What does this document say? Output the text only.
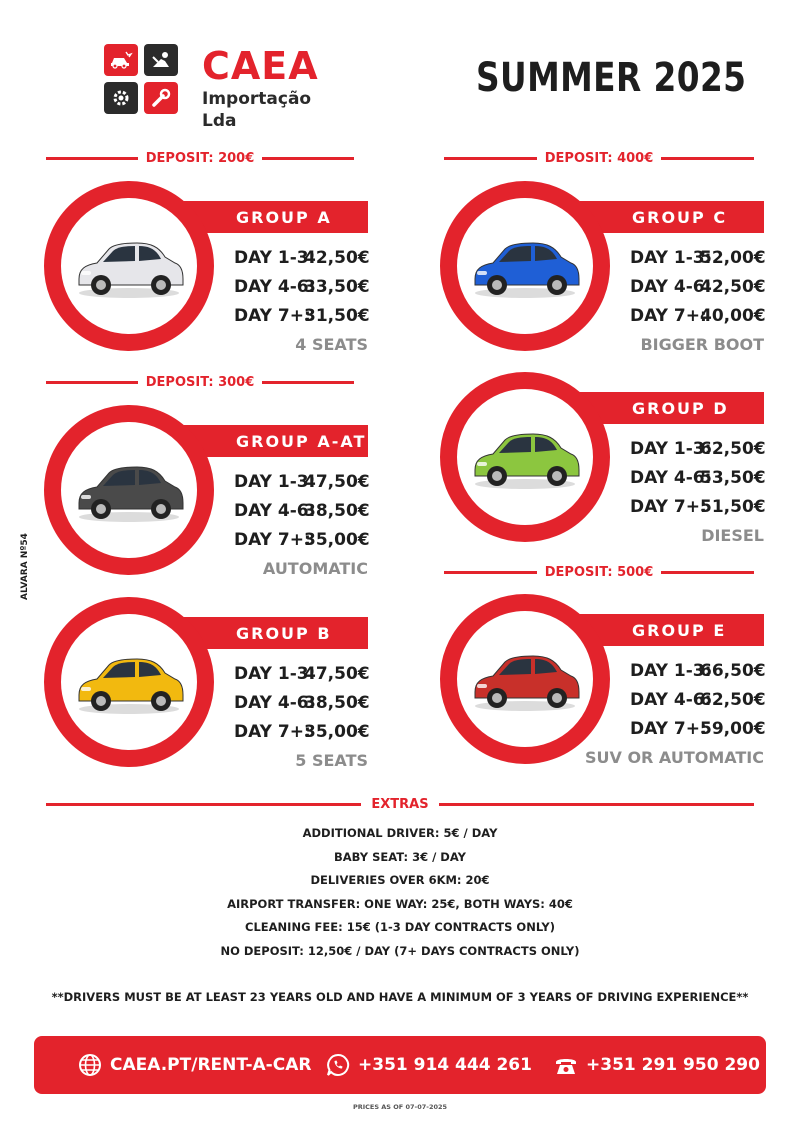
CAEA
Importação Lda
SUMMER 2025
DEPOSIT: 200€	DEPOSIT: 400€
DEPOSIT: 300€
DEPOSIT: 500€
GROUP A
DAY 1-3:42,50€
DAY 4-6:33,50€
DAY 7+:31,50€
4 SEATS
GROUP A-AT
DAY 1-3:47,50€
DAY 4-6:38,50€
DAY 7+:35,00€
AUTOMATIC
GROUP B
DAY 1-3:47,50€
DAY 4-6:38,50€
DAY 7+:35,00€
5 SEATS
GROUP C
DAY 1-3:52,00€
DAY 4-6:42,50€
DAY 7+:40,00€
BIGGER BOOT
GROUP D
DAY 1-3:62,50€
DAY 4-6:53,50€
DAY 7+:51,50€
DIESEL
GROUP E
DAY 1-3:66,50€
DAY 4-6:62,50€
DAY 7+:59,00€
SUV OR AUTOMATIC
ALVARA Nº54
EXTRAS
ADDITIONAL DRIVER: 5€ / DAY
BABY SEAT: 3€ / DAY
DELIVERIES OVER 6KM: 20€
AIRPORT TRANSFER: ONE WAY: 25€, BOTH WAYS: 40€
CLEANING FEE: 15€ (1-3 DAY CONTRACTS ONLY)
NO DEPOSIT: 12,50€ / DAY (7+ DAYS CONTRACTS ONLY)
**DRIVERS MUST BE AT LEAST 23 YEARS OLD AND HAVE A MINIMUM OF 3 YEARS OF DRIVING EXPERIENCE**
CAEA.PT/RENT-A-CAR	+351 914 444 261	+351 291 950 290
PRICES AS OF 07-07-2025
